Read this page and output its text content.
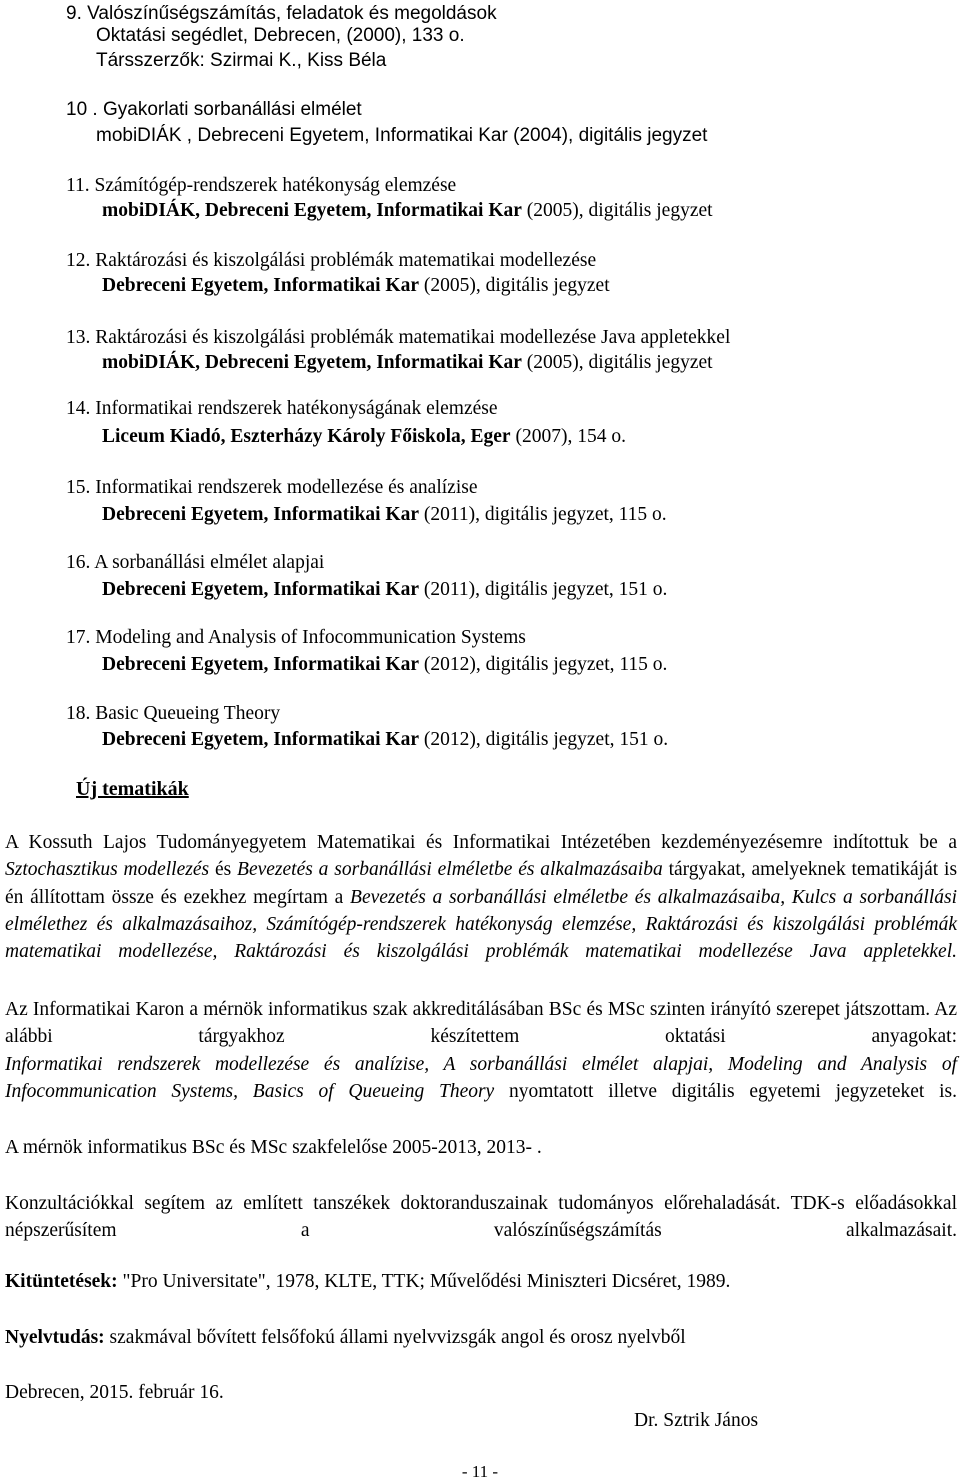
9. Valószínűségszámítás, feladatok és megoldások
Oktatási segédlet, Debrecen, (2000), 133 o.
Társszerzők: Szirmai K., Kiss Béla
10 . Gyakorlati sorbanállási elmélet
mobiDIÁK , Debreceni Egyetem, Informatikai Kar (2004), digitális jegyzet
11. Számítógép-rendszerek hatékonyság elemzése
mobiDIÁK, Debreceni Egyetem, Informatikai Kar (2005), digitális jegyzet
12. Raktározási és kiszolgálási problémák matematikai modellezése
Debreceni Egyetem, Informatikai Kar (2005), digitális jegyzet
13. Raktározási és kiszolgálási problémák matematikai modellezése Java appletekkel
mobiDIÁK, Debreceni Egyetem, Informatikai Kar (2005), digitális jegyzet
14. Informatikai rendszerek hatékonyságának elemzése
Liceum Kiadó, Eszterházy Károly Főiskola, Eger (2007), 154 o.
15. Informatikai rendszerek modellezése és analízise
Debreceni Egyetem, Informatikai Kar (2011), digitális jegyzet, 115 o.
16. A sorbanállási elmélet alapjai
Debreceni Egyetem, Informatikai Kar (2011), digitális jegyzet, 151 o.
17. Modeling and Analysis of Infocommunication Systems
Debreceni Egyetem, Informatikai Kar (2012), digitális jegyzet, 115 o.
18. Basic Queueing Theory
Debreceni Egyetem, Informatikai Kar (2012), digitális jegyzet, 151 o.
Új tematikák
A Kossuth Lajos Tudományegyetem Matematikai és Informatikai Intézetében kezdeményezésemre indítottuk be a Sztochasztikus modellezés és Bevezetés a sorbanállási elméletbe és alkalmazásaiba tárgyakat, amelyeknek tematikáját is én állítottam össze és ezekhez megírtam a Bevezetés a sorbanállási elméletbe és alkalmazásaiba, Kulcs a sorbanállási elmélethez és alkalmazásaihoz, Számítógép-rendszerek hatékonyság elemzése, Raktározási és kiszolgálási problémák matematikai modellezése, Raktározási és kiszolgálási problémák matematikai modellezése Java appletekkel.
Az Informatikai Karon a mérnök informatikus szak akkreditálásában BSc és MSc szinten irányító szerepet játszottam. Az alábbi tárgyakhoz készítettem oktatási anyagokat:
Informatikai rendszerek modellezése és analízise, A sorbanállási elmélet alapjai, Modeling and Analysis of Infocommunication Systems, Basics of Queueing Theory nyomtatott illetve digitális egyetemi jegyzeteket is.
A mérnök informatikus BSc és MSc szakfelelőse 2005-2013, 2013- .
Konzultációkkal segítem az említett tanszékek doktoranduszainak tudományos előrehaladását. TDK-s előadásokkal népszerűsítem a valószínűségszámítás alkalmazásait.
Kitüntetések: "Pro Universitate", 1978, KLTE, TTK; Művelődési Miniszteri Dicséret, 1989.
Nyelvtudás: szakmával bővített felsőfokú állami nyelvvizsgák angol és orosz nyelvből
Debrecen, 2015. február 16.
Dr. Sztrik János
- 11 -
